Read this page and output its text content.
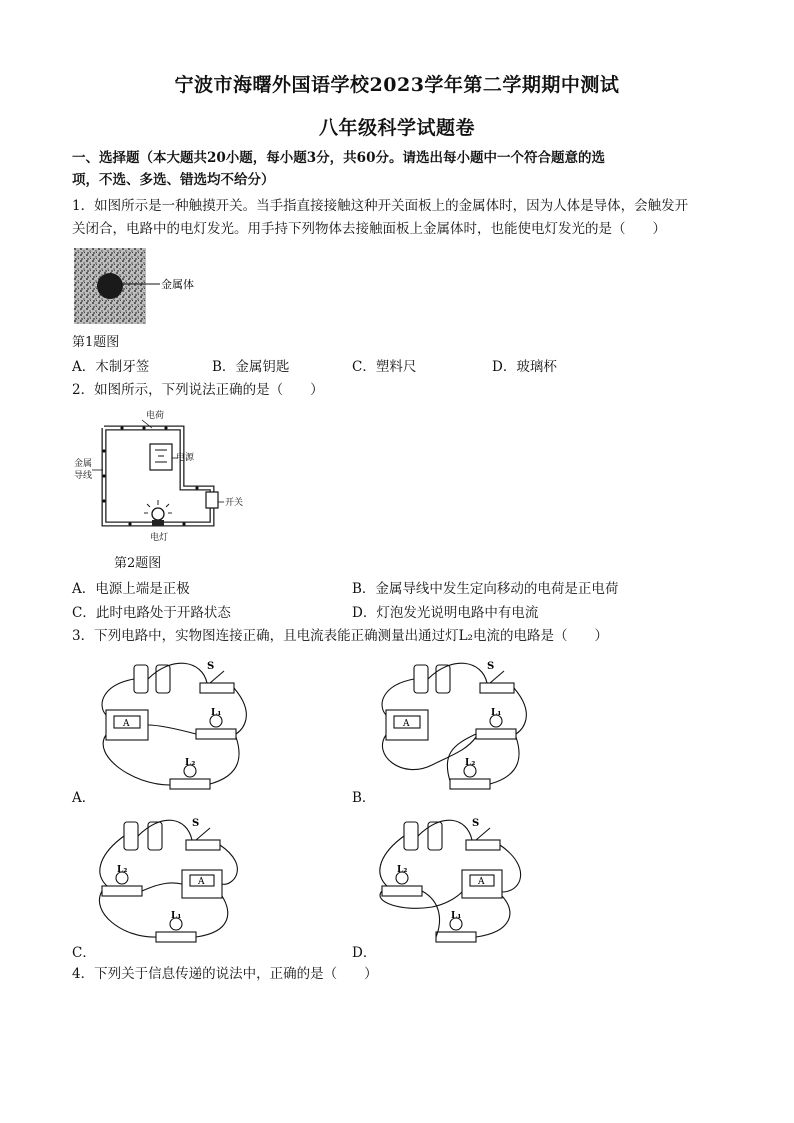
宁波市海曙外国语学校2023学年第二学期期中测试
八年级科学试题卷
一、选择题（本大题共20小题，每小题3分，共60分。请选出每小题中一个符合题意的选
项，不选、多选、错选均不给分）
1．如图所示是一种触摸开关。当手指直接接触这种开关面板上的金属体时，因为人体是导体，会触发开
关闭合，电路中的电灯发光。用手持下列物体去接触面板上金属体时，也能使电灯发光的是（　　）
金属体
第1题图
A．木制牙签	B．金属钥匙	C．塑料尺	D．玻璃杯
2．如图所示，下列说法正确的是（　　）
电荷
电源
金属
导线
开关
电灯
第2题图
A．电源上端是正极	B．金属导线中发生定向移动的电荷是正电荷
C．此时电路处于开路状态	D．灯泡发光说明电路中有电流
3．下列电路中，实物图连接正确，且电流表能正确测量出通过灯L₂电流的电路是（　　）
S
L₁
L₂
A
A．
S
L₁
L₂
A
B．
S
L₂
L₁
A
C．
S
L₂
L₁
A
D．
4．下列关于信息传递的说法中，正确的是（　　）
